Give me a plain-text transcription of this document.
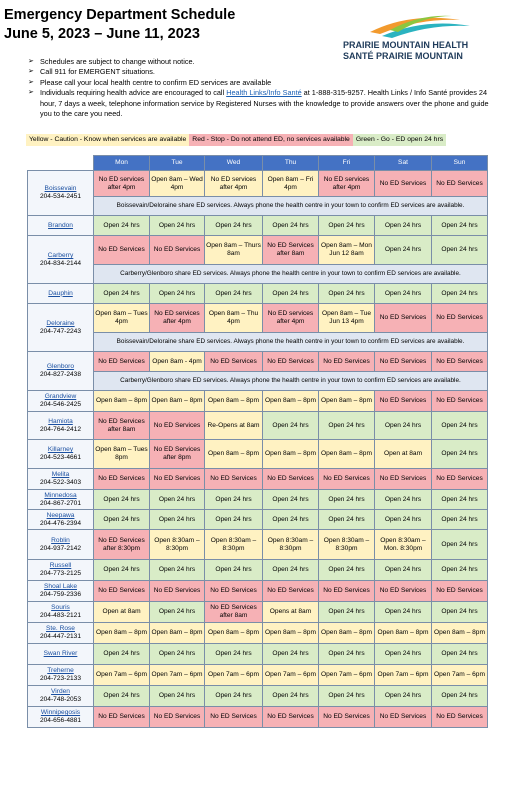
Emergency Department Schedule
June 5, 2023 – June 11, 2023
PRAIRIE MOUNTAIN HEALTH
SANTÉ PRAIRIE MOUNTAIN
➢ Schedules are subject to change without notice.
➢ Call 911 for EMERGENT situations.
➢ Please call your local health centre to confirm ED services are available
➢ Individuals requiring health advice are encouraged to call Health Links/Info Santé at 1-888-315-9257. Health Links / Info Santé provides 24 hour, 7 days a week, telephone information service by Registered Nurses with the knowledge to provide answers over the phone and guide you to the care you need.
Yellow - Caution - Know when services are available Red - Stop - Do not attend ED, no services available Green - Go - ED open 24 hrs
	Mon	Tue	Wed	Thu	Fri	Sat	Sun

Boissevain
204-534-2451	No ED services after 4pm	Open 8am – Wed 4pm	No ED services after 4pm	Open 8am – Fri 4pm	No ED services after 4pm	No ED Services	No ED Services
	Boissevain/Deloraine share ED services. Always phone the health centre in your town to confirm ED services are available.						

Brandon	Open 24 hrs	Open 24 hrs	Open 24 hrs	Open 24 hrs	Open 24 hrs	Open 24 hrs	Open 24 hrs

Carberry
204-834-2144	No ED Services	No ED Services	Open 8am – Thurs 8am	No ED Services after 8am	Open 8am – Mon Jun 12 8am	Open 24 hrs	Open 24 hrs
	Carberry/Glenboro share ED services. Always phone the health centre in your town to confirm ED services are available.						

Dauphin	Open 24 hrs	Open 24 hrs	Open 24 hrs	Open 24 hrs	Open 24 hrs	Open 24 hrs	Open 24 hrs

Deloraine
204-747-2243	Open 8am – Tues 4pm	No ED services after 4pm	Open 8am – Thu 4pm	No ED services after 4pm	Open 8am – Tue Jun 13 4pm	No ED Services	No ED Services
	Boissevain/Deloraine share ED services. Always phone the health centre in your town to confirm ED services are available.						

Glenboro
204-827-2438	No ED Services	Open 8am - 4pm	No ED Services	No ED Services	No ED Services	No ED Services	No ED Services
	Carberry/Glenboro share ED services. Always phone the health centre in your town to confirm ED services are available.						

Grandview
204-546-2425	Open 8am – 8pm	Open 8am – 8pm	Open 8am – 8pm	Open 8am – 8pm	Open 8am – 8pm	No ED Services	No ED Services

Hamiota
204-764-2412	No ED Services after 8am	No ED Services	Re-Opens at 8am	Open 24 hrs	Open 24 hrs	Open 24 hrs	Open 24 hrs

Killarney
204-523-4661	Open 8am – Tues 8pm	No ED Services after 8pm	Open 8am – 8pm	Open 8am – 8pm	Open 8am – 8pm	Open at 8am	Open 24 hrs

Melita
204-522-3403	No ED Services	No ED Services	No ED Services	No ED Services	No ED Services	No ED Services	No ED Services

Minnedosa
204-867-2701	Open 24 hrs	Open 24 hrs	Open 24 hrs	Open 24 hrs	Open 24 hrs	Open 24 hrs	Open 24 hrs

Neepawa
204-476-2394	Open 24 hrs	Open 24 hrs	Open 24 hrs	Open 24 hrs	Open 24 hrs	Open 24 hrs	Open 24 hrs

Roblin
204-937-2142	No ED Services after 8:30pm	Open 8:30am – 8:30pm	Open 8:30am – 8:30pm	Open 8:30am – 8:30pm	Open 8:30am – 8:30pm	Open 8:30am – Mon. 8:30pm	Open 24 hrs

Russell
204-773-2125	Open 24 hrs	Open 24 hrs	Open 24 hrs	Open 24 hrs	Open 24 hrs	Open 24 hrs	Open 24 hrs

Shoal Lake
204-759-2336	No ED Services	No ED Services	No ED Services	No ED Services	No ED Services	No ED Services	No ED Services

Souris
204-483-2121	Open at 8am	Open 24 hrs	No ED Services after 8am	Opens at 8am	Open 24 hrs	Open 24 hrs	Open 24 hrs

Ste. Rose
204-447-2131	Open 8am – 8pm	Open 8am – 8pm	Open 8am – 8pm	Open 8am – 8pm	Open 8am – 8pm	Open 8am – 8pm	Open 8am – 8pm

Swan River	Open 24 hrs	Open 24 hrs	Open 24 hrs	Open 24 hrs	Open 24 hrs	Open 24 hrs	Open 24 hrs

Treherne
204-723-2133	Open 7am – 6pm	Open 7am – 6pm	Open 7am – 6pm	Open 7am – 6pm	Open 7am – 6pm	Open 7am – 6pm	Open 7am – 6pm

Virden
204-748-2053	Open 24 hrs	Open 24 hrs	Open 24 hrs	Open 24 hrs	Open 24 hrs	Open 24 hrs	Open 24 hrs

Winnipegosis
204-656-4881	No ED Services	No ED Services	No ED Services	No ED Services	No ED Services	No ED Services	No ED Services
